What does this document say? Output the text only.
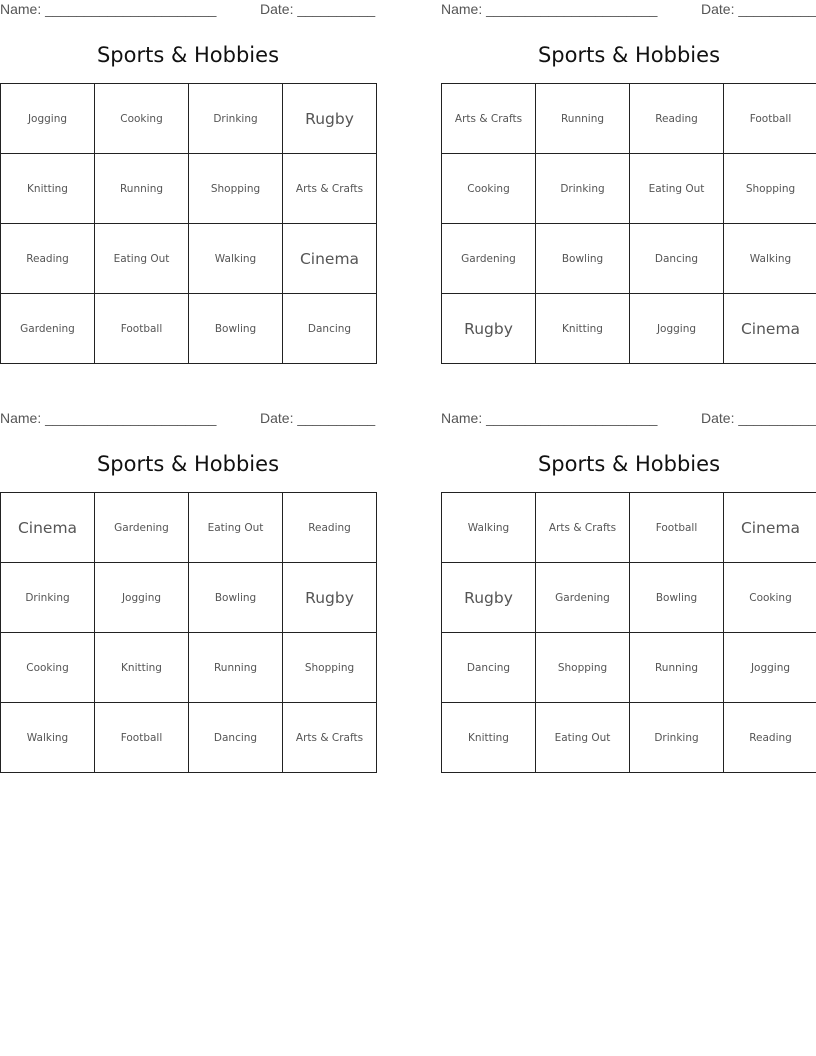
Name: ______________________	Date: __________
Sports & Hobbies
Jogging	Cooking	Drinking	Rugby
Knitting	Running	Shopping	Arts & Crafts
Reading	Eating Out	Walking	Cinema
Gardening	Football	Bowling	Dancing
Name: ______________________	Date: __________
Sports & Hobbies
Arts & Crafts	Running	Reading	Football
Cooking	Drinking	Eating Out	Shopping
Gardening	Bowling	Dancing	Walking
Rugby	Knitting	Jogging	Cinema
Name: ______________________	Date: __________
Sports & Hobbies
Cinema	Gardening	Eating Out	Reading
Drinking	Jogging	Bowling	Rugby
Cooking	Knitting	Running	Shopping
Walking	Football	Dancing	Arts & Crafts
Name: ______________________	Date: __________
Sports & Hobbies
Walking	Arts & Crafts	Football	Cinema
Rugby	Gardening	Bowling	Cooking
Dancing	Shopping	Running	Jogging
Knitting	Eating Out	Drinking	Reading
